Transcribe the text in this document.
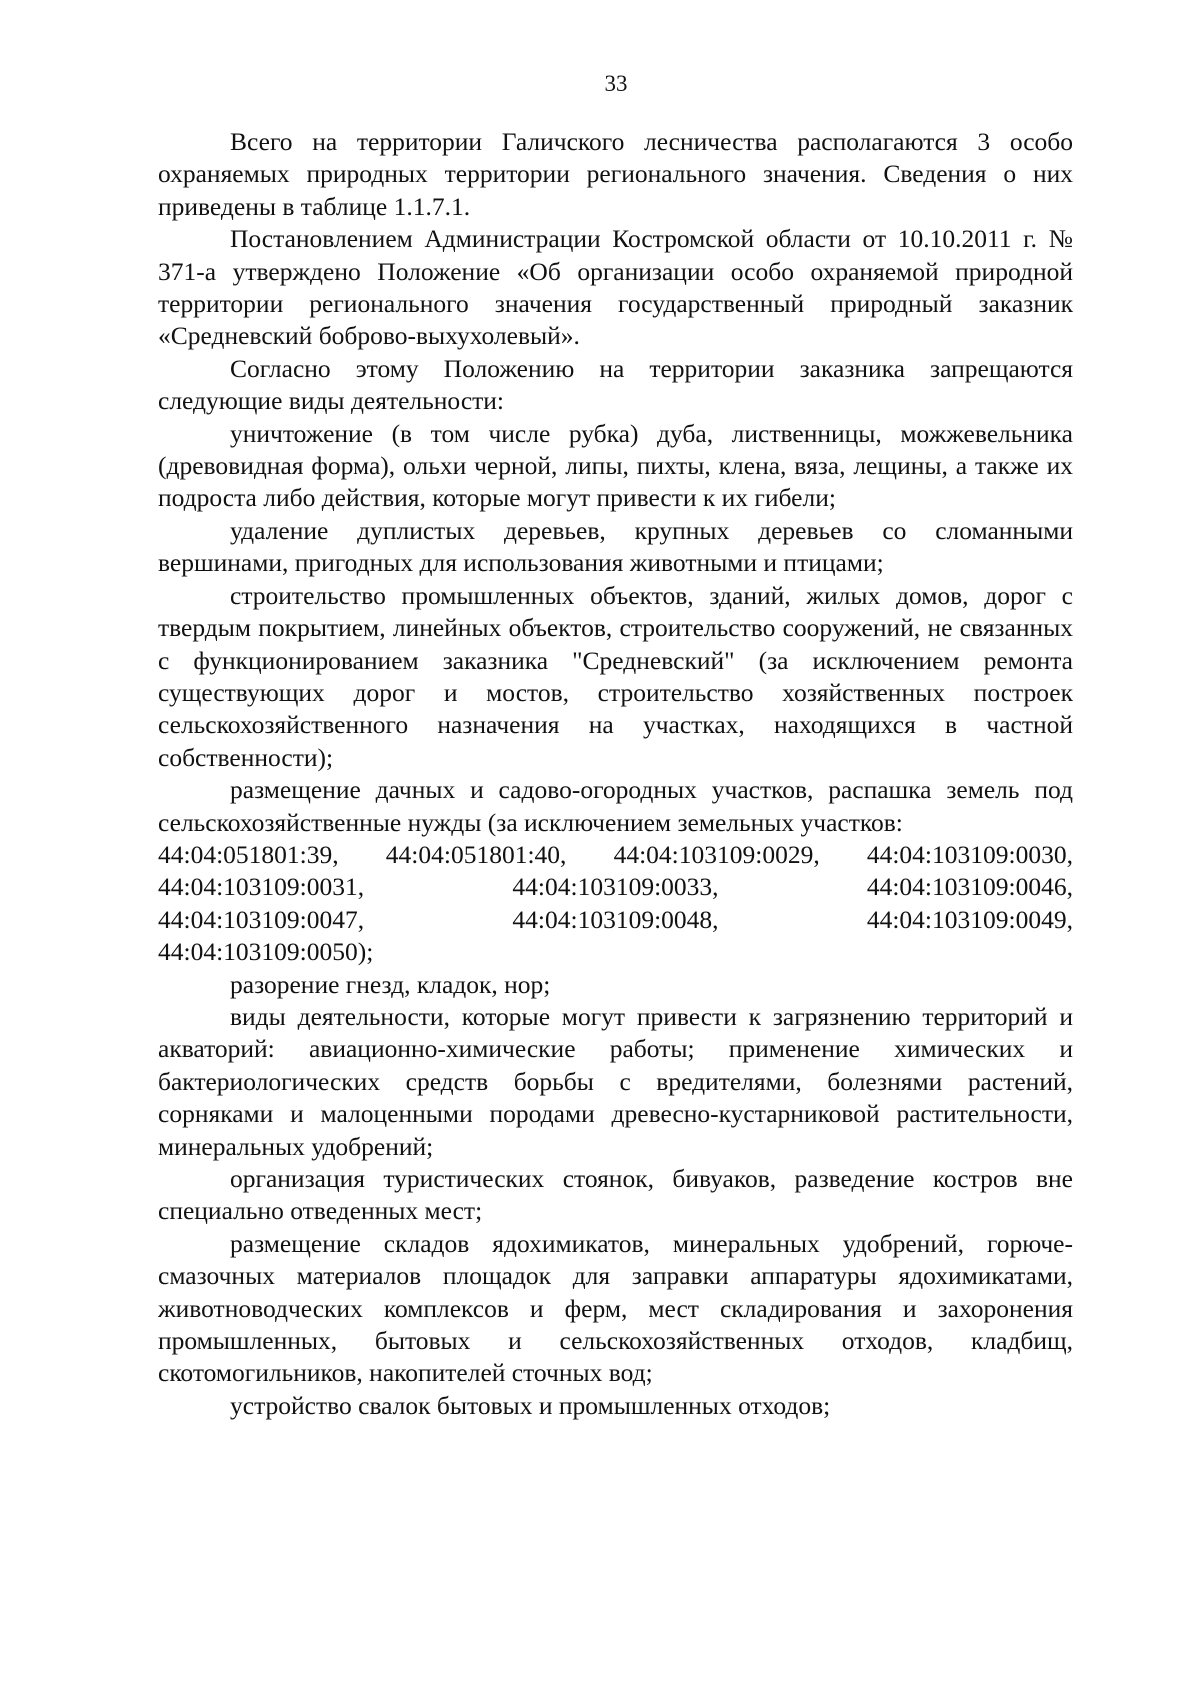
33

Всего на территории Галичского лесничества располагаются 3 особо охраняемых природных территории регионального значения. Сведения о них приведены в таблице 1.1.7.1.

Постановлением Администрации Костромской области от 10.10.2011 г. № 371-а утверждено Положение «Об организации особо охраняемой природной территории регионального значения государственный природный заказник «Средневский боброво-выхухолевый».

Согласно этому Положению на территории заказника запрещаются следующие виды деятельности:

уничтожение (в том числе рубка) дуба, лиственницы, можжевельника (древовидная форма), ольхи черной, липы, пихты, клена, вяза, лещины, а также их подроста либо действия, которые могут привести к их гибели;

удаление дуплистых деревьев, крупных деревьев со сломанными вершинами, пригодных для использования животными и птицами;

строительство промышленных объектов, зданий, жилых домов, дорог с твердым покрытием, линейных объектов, строительство сооружений, не связанных с функционированием заказника "Средневский" (за исключением ремонта существующих дорог и мостов, строительство хозяйственных построек сельскохозяйственного назначения на участках, находящихся в частной собственности);

размещение дачных и садово-огородных участков, распашка земель под сельскохозяйственные нужды (за исключением земельных участков:

44:04:051801:39, 44:04:051801:40, 44:04:103109:0029, 44:04:103109:0030,
44:04:103109:0031,	44:04:103109:0033,	44:04:103109:0046,
44:04:103109:0047,	44:04:103109:0048,	44:04:103109:0049,
44:04:103109:0050);

разорение гнезд, кладок, нор;

виды деятельности, которые могут привести к загрязнению территорий и акваторий: авиационно-химические работы; применение химических и бактериологических средств борьбы с вредителями, болезнями растений, сорняками и малоценными породами древесно-кустарниковой растительности, минеральных удобрений;

организация туристических стоянок, бивуаков, разведение костров вне специально отведенных мест;

размещение складов ядохимикатов, минеральных удобрений, горюче-смазочных материалов площадок для заправки аппаратуры ядохимикатами, животноводческих комплексов и ферм, мест складирования и захоронения промышленных, бытовых и сельскохозяйственных отходов, кладбищ, скотомогильников, накопителей сточных вод;

устройство свалок бытовых и промышленных отходов;
